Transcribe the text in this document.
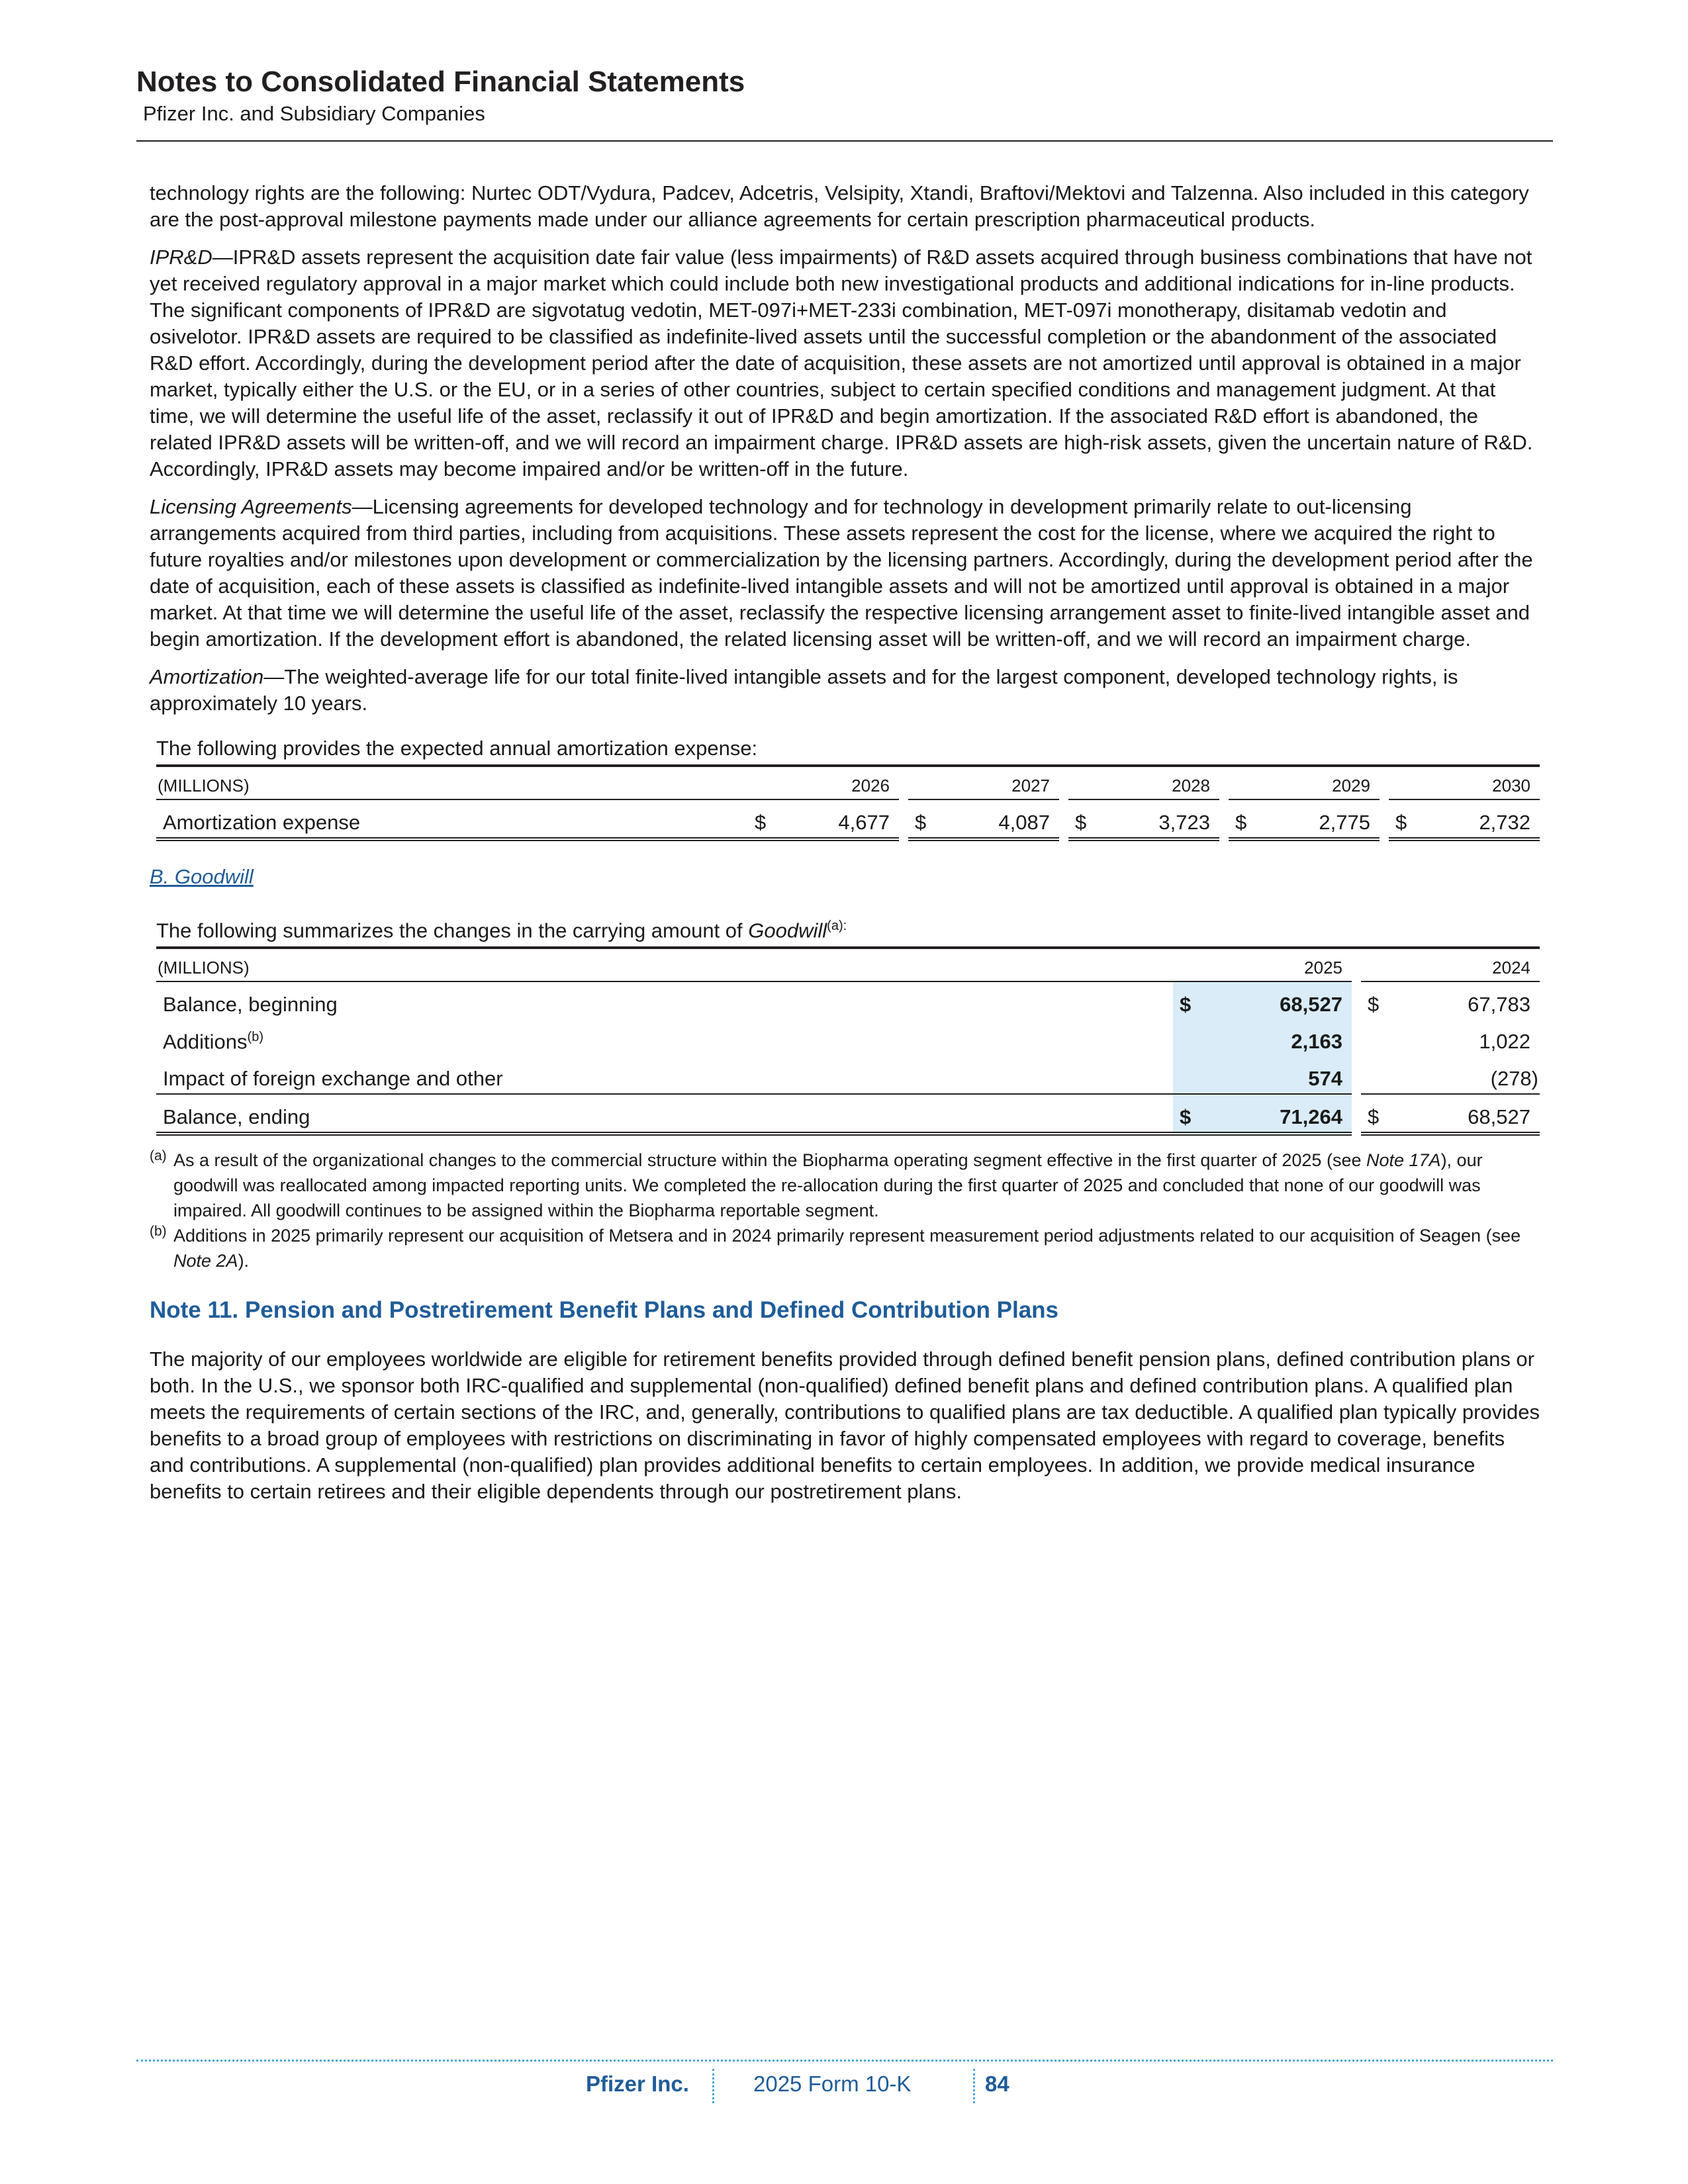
Notes to Consolidated Financial Statements
Pfizer Inc. and Subsidiary Companies

technology rights are the following: Nurtec ODT/Vydura, Padcev, Adcetris, Velsipity, Xtandi, Braftovi/Mektovi and Talzenna. Also included in this category are the post-approval milestone payments made under our alliance agreements for certain prescription pharmaceutical products.

IPR&D—IPR&D assets represent the acquisition date fair value (less impairments) of R&D assets acquired through business combinations that have not yet received regulatory approval in a major market which could include both new investigational products and additional indications for in-line products. The significant components of IPR&D are sigvotatug vedotin, MET-097i+MET-233i combination, MET-097i monotherapy, disitamab vedotin and osivelotor. IPR&D assets are required to be classified as indefinite-lived assets until the successful completion or the abandonment of the associated R&D effort. Accordingly, during the development period after the date of acquisition, these assets are not amortized until approval is obtained in a major market, typically either the U.S. or the EU, or in a series of other countries, subject to certain specified conditions and management judgment. At that time, we will determine the useful life of the asset, reclassify it out of IPR&D and begin amortization. If the associated R&D effort is abandoned, the related IPR&D assets will be written-off, and we will record an impairment charge. IPR&D assets are high-risk assets, given the uncertain nature of R&D. Accordingly, IPR&D assets may become impaired and/or be written-off in the future.

Licensing Agreements—Licensing agreements for developed technology and for technology in development primarily relate to out-licensing arrangements acquired from third parties, including from acquisitions. These assets represent the cost for the license, where we acquired the right to future royalties and/or milestones upon development or commercialization by the licensing partners. Accordingly, during the development period after the date of acquisition, each of these assets is classified as indefinite-lived intangible assets and will not be amortized until approval is obtained in a major market. At that time we will determine the useful life of the asset, reclassify the respective licensing arrangement asset to finite-lived intangible asset and begin amortization. If the development effort is abandoned, the related licensing asset will be written-off, and we will record an impairment charge.

Amortization—The weighted-average life for our total finite-lived intangible assets and for the largest component, developed technology rights, is approximately 10 years.

The following provides the expected annual amortization expense:
(MILLIONS)	2026			2027			2028			2029			2030	
Amortization expense	$	4,677		$	4,087		$	3,723		$	2,775		$	2,732
B. Goodwill
The following summarizes the changes in the carrying amount of Goodwill$^{(a):}$
(MILLIONS)	2025			2024	
Balance, beginning	$	68,527		$	67,783
Additions$^{(b)}$		2,163			1,022
Impact of foreign exchange and other		574			(278)
Balance, ending	$	71,264		$	68,527

(a) As a result of the organizational changes to the commercial structure within the Biopharma operating segment effective in the first quarter of 2025 (see Note 17A), our goodwill was reallocated among impacted reporting units. We completed the re-allocation during the first quarter of 2025 and concluded that none of our goodwill was impaired. All goodwill continues to be assigned within the Biopharma reportable segment.

(b) Additions in 2025 primarily represent our acquisition of Metsera and in 2024 primarily represent measurement period adjustments related to our acquisition of Seagen (see Note 2A).

Note 11. Pension and Postretirement Benefit Plans and Defined Contribution Plans

The majority of our employees worldwide are eligible for retirement benefits provided through defined benefit pension plans, defined contribution plans or both. In the U.S., we sponsor both IRC-qualified and supplemental (non-qualified) defined benefit plans and defined contribution plans. A qualified plan meets the requirements of certain sections of the IRC, and, generally, contributions to qualified plans are tax deductible. A qualified plan typically provides benefits to a broad group of employees with restrictions on discriminating in favor of highly compensated employees with regard to coverage, benefits and contributions. A supplemental (non-qualified) plan provides additional benefits to certain employees. In addition, we provide medical insurance benefits to certain retirees and their eligible dependents through our postretirement plans.

Pfizer Inc.	2025 Form 10-K	84
